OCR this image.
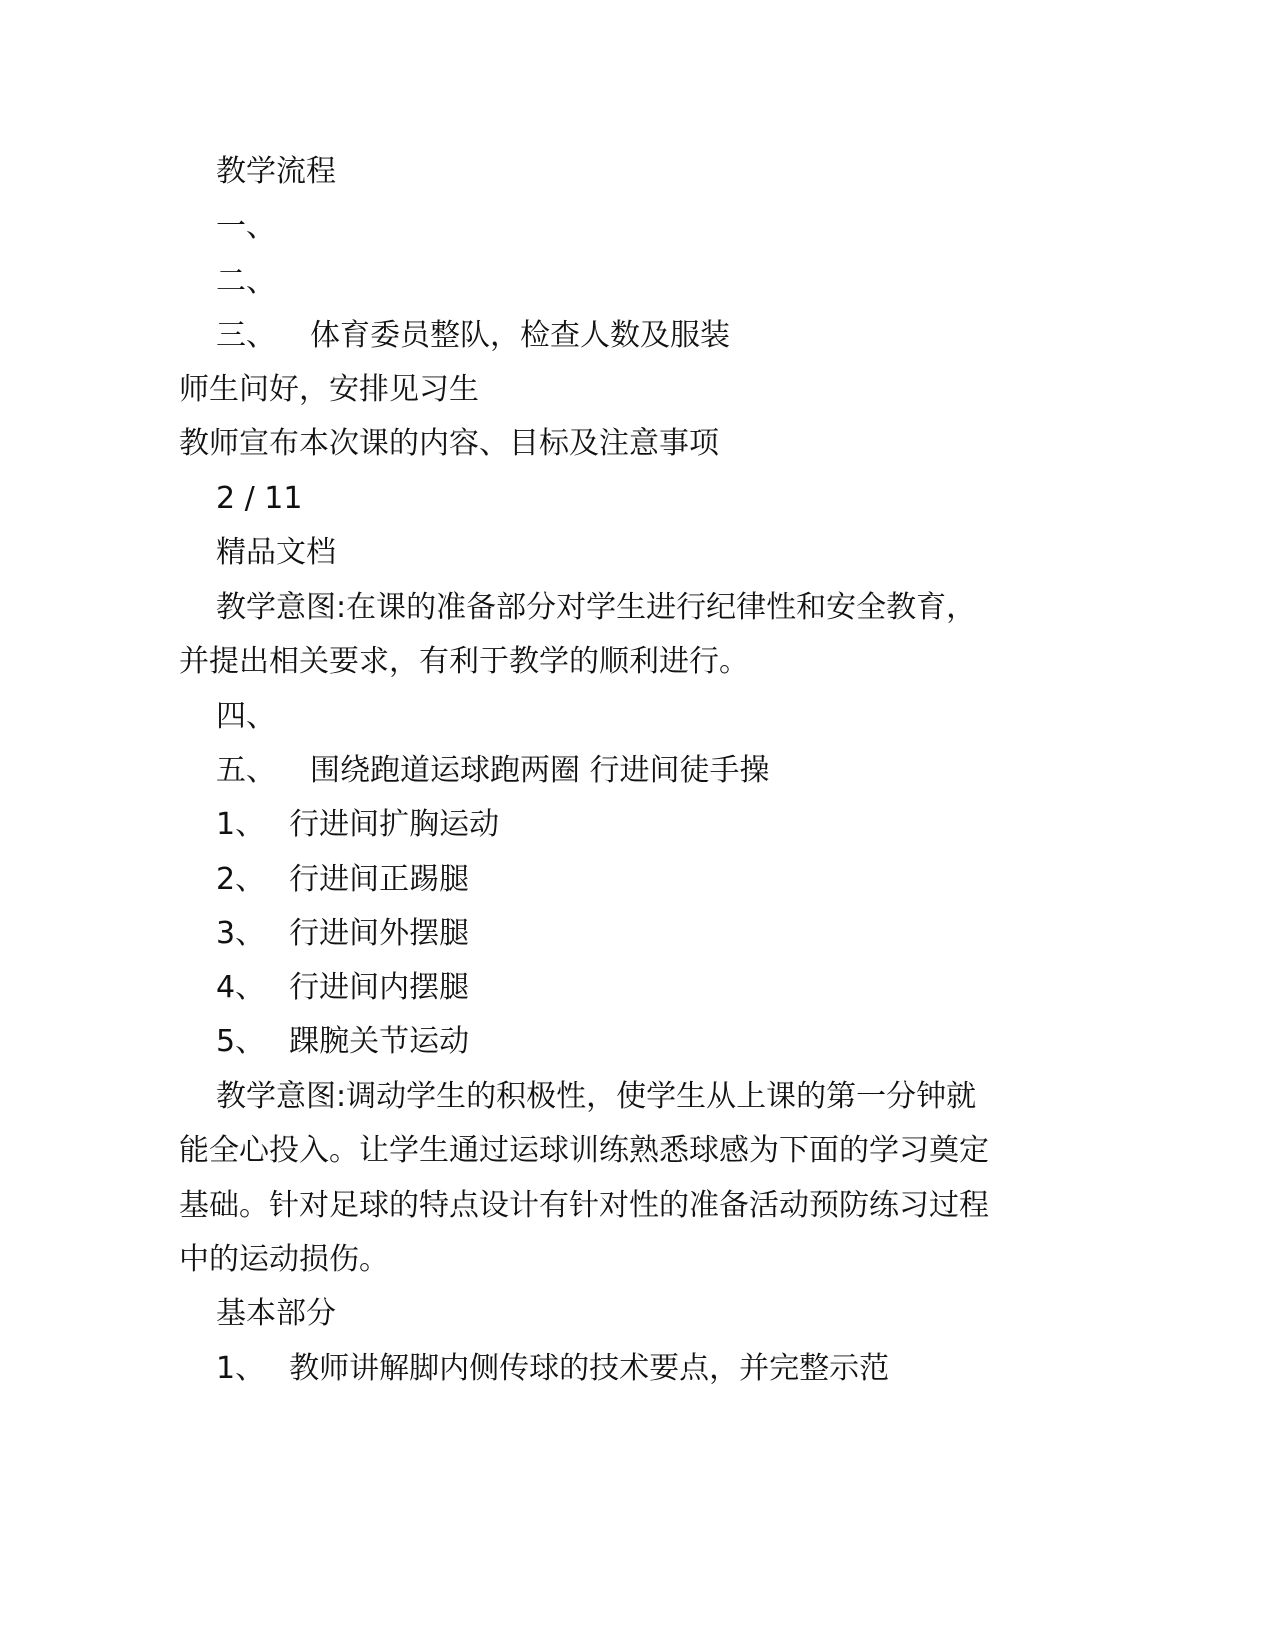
教学流程
一、
二、
三、 体育委员整队，检查人数及服装
师生问好，安排见习生
教师宣布本次课的内容、目标及注意事项
2 / 11
精品文档
教学意图:在课的准备部分对学生进行纪律性和安全教育，
并提出相关要求，有利于教学的顺利进行。
四、
五、 围绕跑道运球跑两圈 行进间徒手操
1、 行进间扩胸运动
2、 行进间正踢腿
3、 行进间外摆腿
4、 行进间内摆腿
5、 踝腕关节运动
教学意图:调动学生的积极性，使学生从上课的第一分钟就
能全心投入。让学生通过运球训练熟悉球感为下面的学习奠定
基础。针对足球的特点设计有针对性的准备活动预防练习过程
中的运动损伤。
基本部分
1、 教师讲解脚内侧传球的技术要点，并完整示范
